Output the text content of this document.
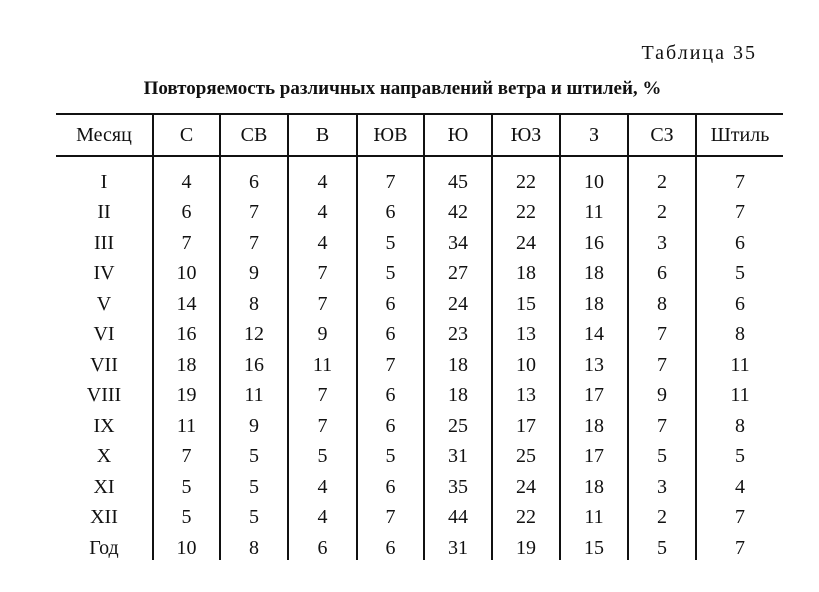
Таблица 35
Повторяемость различных направлений ветра и штилей, %
Месяц	С	СВ	В	ЮВ	Ю	ЮЗ	З	СЗ	Штиль
I	4	6	4	7	45	22	10	2	7
II	6	7	4	6	42	22	11	2	7
III	7	7	4	5	34	24	16	3	6
IV	10	9	7	5	27	18	18	6	5
V	14	8	7	6	24	15	18	8	6
VI	16	12	9	6	23	13	14	7	8
VII	18	16	11	7	18	10	13	7	11
VIII	19	11	7	6	18	13	17	9	11
IX	11	9	7	6	25	17	18	7	8
X	7	5	5	5	31	25	17	5	5
XI	5	5	4	6	35	24	18	3	4
XII	5	5	4	7	44	22	11	2	7
Год	10	8	6	6	31	19	15	5	7
